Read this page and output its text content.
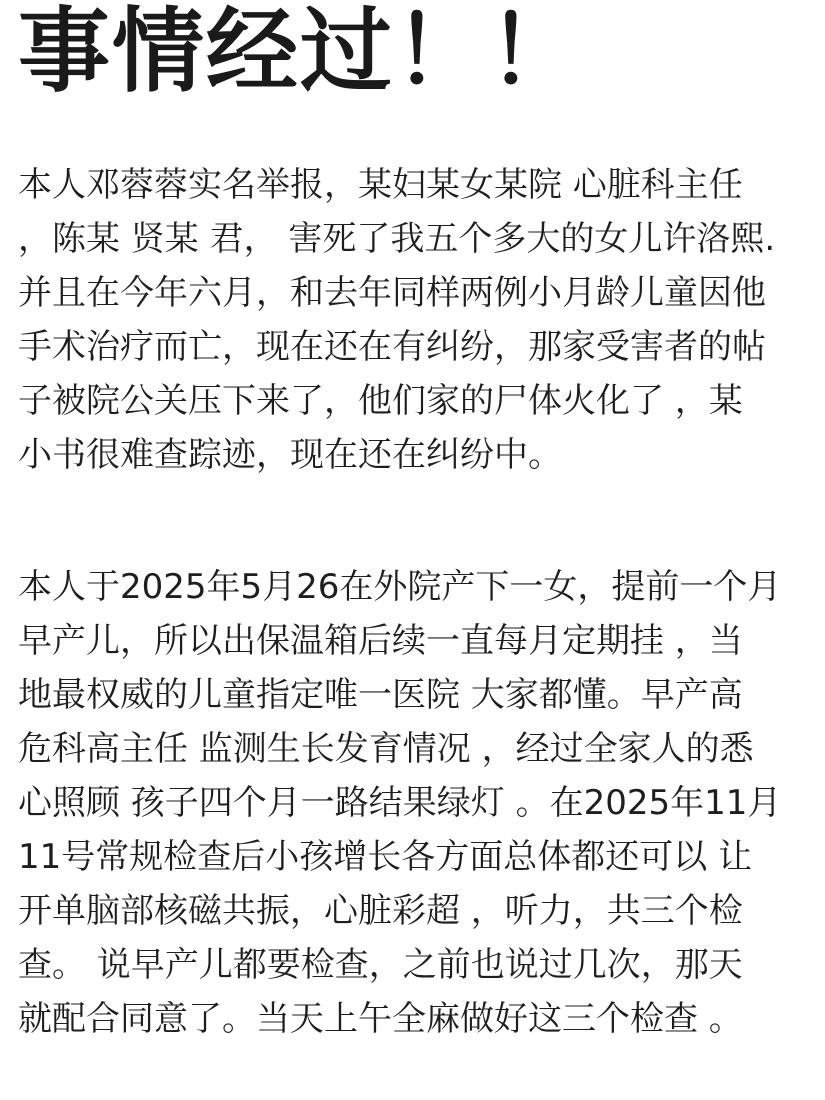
事情经过！！
本人邓蓉蓉实名举报，某妇某女某院 心脏科主任
，陈某 贤某 君， 害死了我五个多大的女儿许洛熙.
并且在今年六月，和去年同样两例小月龄儿童因他
手术治疗而亡，现在还在有纠纷，那家受害者的帖
子被院公关压下来了，他们家的尸体火化了 ，某
小书很难查踪迹，现在还在纠纷中。
本人于2025年5月26在外院产下一女，提前一个月
早产儿，所以出保温箱后续一直每月定期挂 ，当
地最权威的儿童指定唯一医院 大家都懂。早产高
危科高主任 监测生长发育情况 ，经过全家人的悉
心照顾 孩子四个月一路结果绿灯 。在2025年11月
11号常规检查后小孩增长各方面总体都还可以 让
开单脑部核磁共振，心脏彩超 ，听力，共三个检
查。 说早产儿都要检查，之前也说过几次，那天
就配合同意了。当天上午全麻做好这三个检查 。
